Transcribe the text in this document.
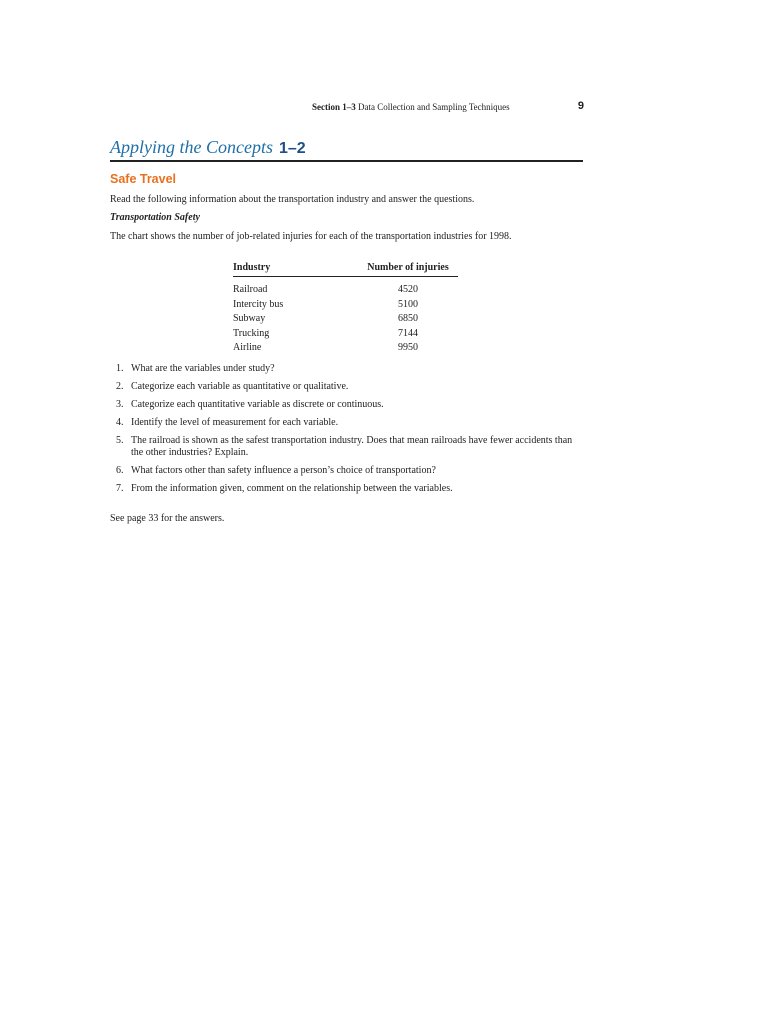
Section 1–3 Data Collection and Sampling Techniques	9
Applying the Concepts 1–2
Safe Travel
Read the following information about the transportation industry and answer the questions.
Transportation Safety
The chart shows the number of job-related injuries for each of the transportation industries for 1998.
Industry	Number of injuries
Railroad	4520
Intercity bus	5100
Subway	6850
Trucking	7144
Airline	9950
1. What are the variables under study?
2. Categorize each variable as quantitative or qualitative.
3. Categorize each quantitative variable as discrete or continuous.
4. Identify the level of measurement for each variable.
5. The railroad is shown as the safest transportation industry. Does that mean railroads have fewer accidents than the other industries? Explain.
6. What factors other than safety influence a person’s choice of transportation?
7. From the information given, comment on the relationship between the variables.
See page 33 for the answers.
